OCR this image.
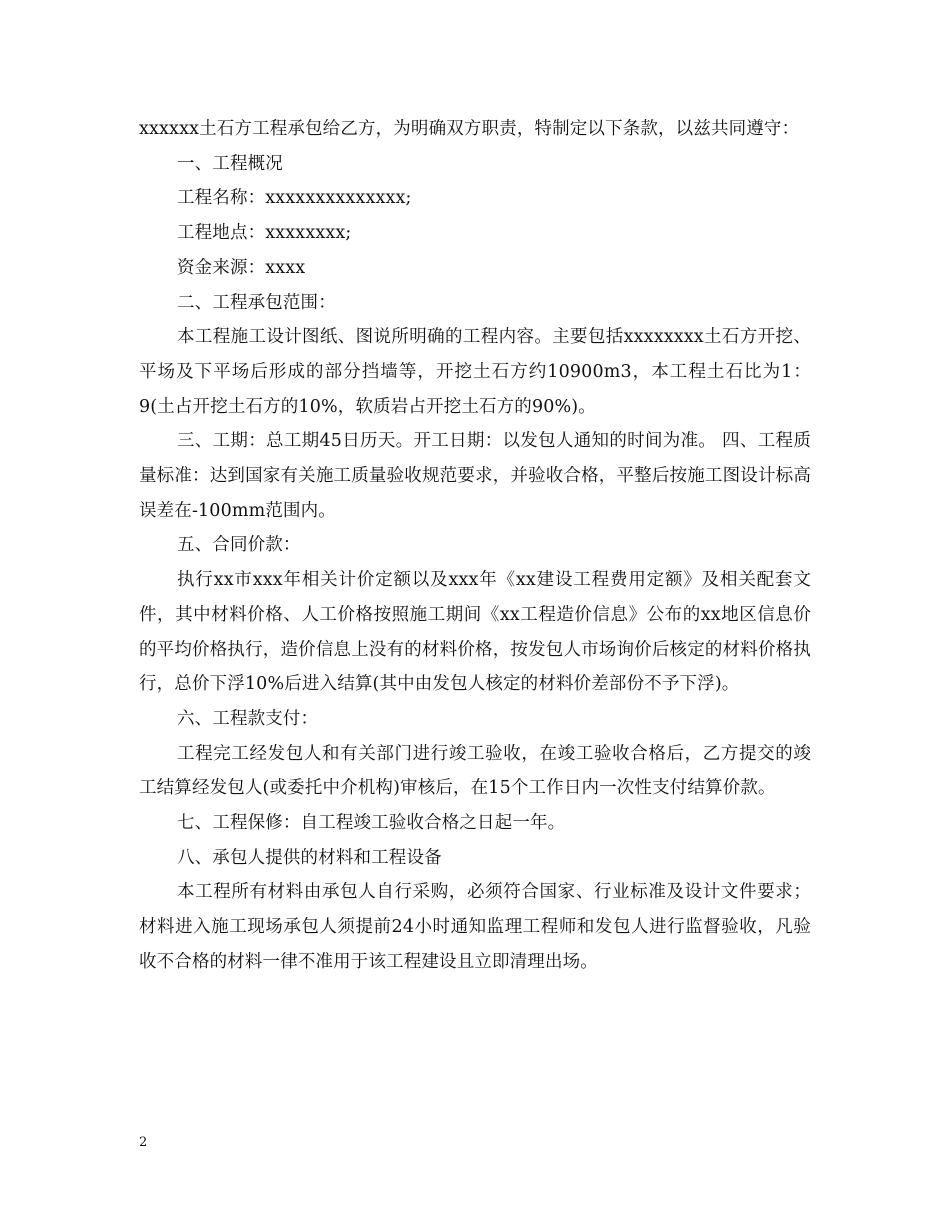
xxxxxx土石方工程承包给乙方，为明确双方职责，特制定以下条款，以兹共同遵守：

一、工程概况

工程名称：xxxxxxxxxxxxxx;

工程地点：xxxxxxxx;

资金来源：xxxx

二、工程承包范围：

本工程施工设计图纸、图说所明确的工程内容。主要包括xxxxxxxx土石方开挖、平场及下平场后形成的部分挡墙等，开挖土石方约10900m3，本工程土石比为1：9(土占开挖土石方的10%，软质岩占开挖土石方的90%)。

三、工期：总工期45日历天。开工日期：以发包人通知的时间为准。 四、工程质量标准：达到国家有关施工质量验收规范要求，并验收合格，平整后按施工图设计标高误差在-100mm范围内。

五、合同价款：

执行xx市xxx年相关计价定额以及xxx年《xx建设工程费用定额》及相关配套文件，其中材料价格、人工价格按照施工期间《xx工程造价信息》公布的xx地区信息价的平均价格执行，造价信息上没有的材料价格，按发包人市场询价后核定的材料价格执行，总价下浮10%后进入结算(其中由发包人核定的材料价差部份不予下浮)。

六、工程款支付：

工程完工经发包人和有关部门进行竣工验收，在竣工验收合格后，乙方提交的竣工结算经发包人(或委托中介机构)审核后，在15个工作日内一次性支付结算价款。

七、工程保修：自工程竣工验收合格之日起一年。

八、承包人提供的材料和工程设备

本工程所有材料由承包人自行采购，必须符合国家、行业标准及设计文件要求；材料进入施工现场承包人须提前24小时通知监理工程师和发包人进行监督验收，凡验收不合格的材料一律不准用于该工程建设且立即清理出场。

2
